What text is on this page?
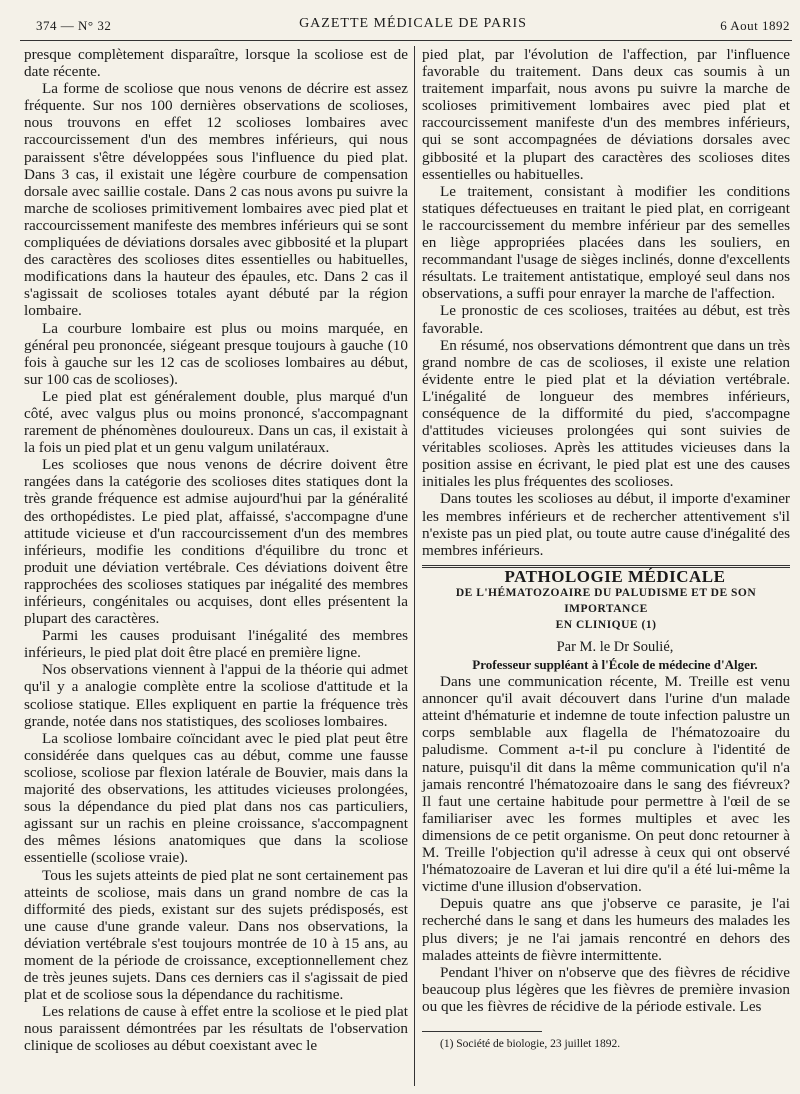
374 — N° 32	GAZETTE MÉDICALE DE PARIS	6 Aout 1892

presque complètement disparaître, lorsque la scoliose est de date récente.

La forme de scoliose que nous venons de décrire est assez fréquente. Sur nos 100 dernières observations de scolioses, nous trouvons en effet 12 scolioses lombaires avec raccourcissement d'un des membres inférieurs, qui nous paraissent s'être développées sous l'influence du pied plat. Dans 3 cas, il existait une légère courbure de compensation dorsale avec saillie costale. Dans 2 cas nous avons pu suivre la marche de scolioses primitivement lombaires avec pied plat et raccourcissement manifeste des membres inférieurs qui se sont compliquées de déviations dorsales avec gibbosité et la plupart des caractères des scolioses dites essentielles ou habituelles, modifications dans la hauteur des épaules, etc. Dans 2 cas il s'agissait de scolioses totales ayant débuté par la région lombaire.

La courbure lombaire est plus ou moins marquée, en général peu prononcée, siégeant presque toujours à gauche (10 fois à gauche sur les 12 cas de scolioses lombaires au début, sur 100 cas de scolioses).

Le pied plat est généralement double, plus marqué d'un côté, avec valgus plus ou moins prononcé, s'accompagnant rarement de phénomènes douloureux. Dans un cas, il existait à la fois un pied plat et un genu valgum unilatéraux.

Les scolioses que nous venons de décrire doivent être rangées dans la catégorie des scolioses dites statiques dont la très grande fréquence est admise aujourd'hui par la généralité des orthopédistes. Le pied plat, affaissé, s'accompagne d'une attitude vicieuse et d'un raccourcissement d'un des membres inférieurs, modifie les conditions d'équilibre du tronc et produit une déviation vertébrale. Ces déviations doivent être rapprochées des scolioses statiques par inégalité des membres inférieurs, congénitales ou acquises, dont elles présentent la plupart des caractères.

Parmi les causes produisant l'inégalité des membres inférieurs, le pied plat doit être placé en première ligne.

Nos observations viennent à l'appui de la théorie qui admet qu'il y a analogie complète entre la scoliose d'attitude et la scoliose statique. Elles expliquent en partie la fréquence très grande, notée dans nos statistiques, des scolioses lombaires.

La scoliose lombaire coïncidant avec le pied plat peut être considérée dans quelques cas au début, comme une fausse scoliose, scoliose par flexion latérale de Bouvier, mais dans la majorité des observations, les attitudes vicieuses prolongées, sous la dépendance du pied plat dans nos cas particuliers, agissant sur un rachis en pleine croissance, s'accompagnent des mêmes lésions anatomiques que dans la scoliose essentielle (scoliose vraie).

Tous les sujets atteints de pied plat ne sont certainement pas atteints de scoliose, mais dans un grand nombre de cas la difformité des pieds, existant sur des sujets prédisposés, est une cause d'une grande valeur. Dans nos observations, la déviation vertébrale s'est toujours montrée de 10 à 15 ans, au moment de la période de croissance, exceptionnellement chez de très jeunes sujets. Dans ces derniers cas il s'agissait de pied plat et de scoliose sous la dépendance du rachitisme.

Les relations de cause à effet entre la scoliose et le pied plat nous paraissent démontrées par les résultats de l'observation clinique de scolioses au début coexistant avec le

pied plat, par l'évolution de l'affection, par l'influence favorable du traitement. Dans deux cas soumis à un traitement imparfait, nous avons pu suivre la marche de scolioses primitivement lombaires avec pied plat et raccourcissement manifeste d'un des membres inférieurs, qui se sont accompagnées de déviations dorsales avec gibbosité et la plupart des caractères des scolioses dites essentielles ou habituelles.

Le traitement, consistant à modifier les conditions statiques défectueuses en traitant le pied plat, en corrigeant le raccourcissement du membre inférieur par des semelles en liège appropriées placées dans les souliers, en recommandant l'usage de sièges inclinés, donne d'excellents résultats. Le traitement antistatique, employé seul dans nos observations, a suffi pour enrayer la marche de l'affection.

Le pronostic de ces scolioses, traitées au début, est très favorable.

En résumé, nos observations démontrent que dans un très grand nombre de cas de scolioses, il existe une relation évidente entre le pied plat et la déviation vertébrale. L'inégalité de longueur des membres inférieurs, conséquence de la difformité du pied, s'accompagne d'attitudes vicieuses prolongées qui sont suivies de véritables scolioses. Après les attitudes vicieuses dans la position assise en écrivant, le pied plat est une des causes initiales les plus fréquentes des scolioses.

Dans toutes les scolioses au début, il importe d'examiner les membres inférieurs et de rechercher attentivement s'il n'existe pas un pied plat, ou toute autre cause d'inégalité des membres inférieurs.

PATHOLOGIE MÉDICALE

DE L'HÉMATOZOAIRE DU PALUDISME ET DE SON IMPORTANCE
EN CLINIQUE (1)

Par M. le Dr Soulié,

Professeur suppléant à l'École de médecine d'Alger.

Dans une communication récente, M. Treille est venu annoncer qu'il avait découvert dans l'urine d'un malade atteint d'hématurie et indemne de toute infection palustre un corps semblable aux flagella de l'hématozoaire du paludisme. Comment a-t-il pu conclure à l'identité de nature, puisqu'il dit dans la même communication qu'il n'a jamais rencontré l'hématozoaire dans le sang des fiévreux? Il faut une certaine habitude pour permettre à l'œil de se familiariser avec les formes multiples et avec les dimensions de ce petit organisme. On peut donc retourner à M. Treille l'objection qu'il adresse à ceux qui ont observé l'hématozoaire de Laveran et lui dire qu'il a été lui-même la victime d'une illusion d'observation.

Depuis quatre ans que j'observe ce parasite, je l'ai recherché dans le sang et dans les humeurs des malades les plus divers; je ne l'ai jamais rencontré en dehors des malades atteints de fièvre intermittente.

Pendant l'hiver on n'observe que des fièvres de récidive beaucoup plus légères que les fièvres de première invasion ou que les fièvres de récidive de la période estivale. Les

(1) Société de biologie, 23 juillet 1892.
